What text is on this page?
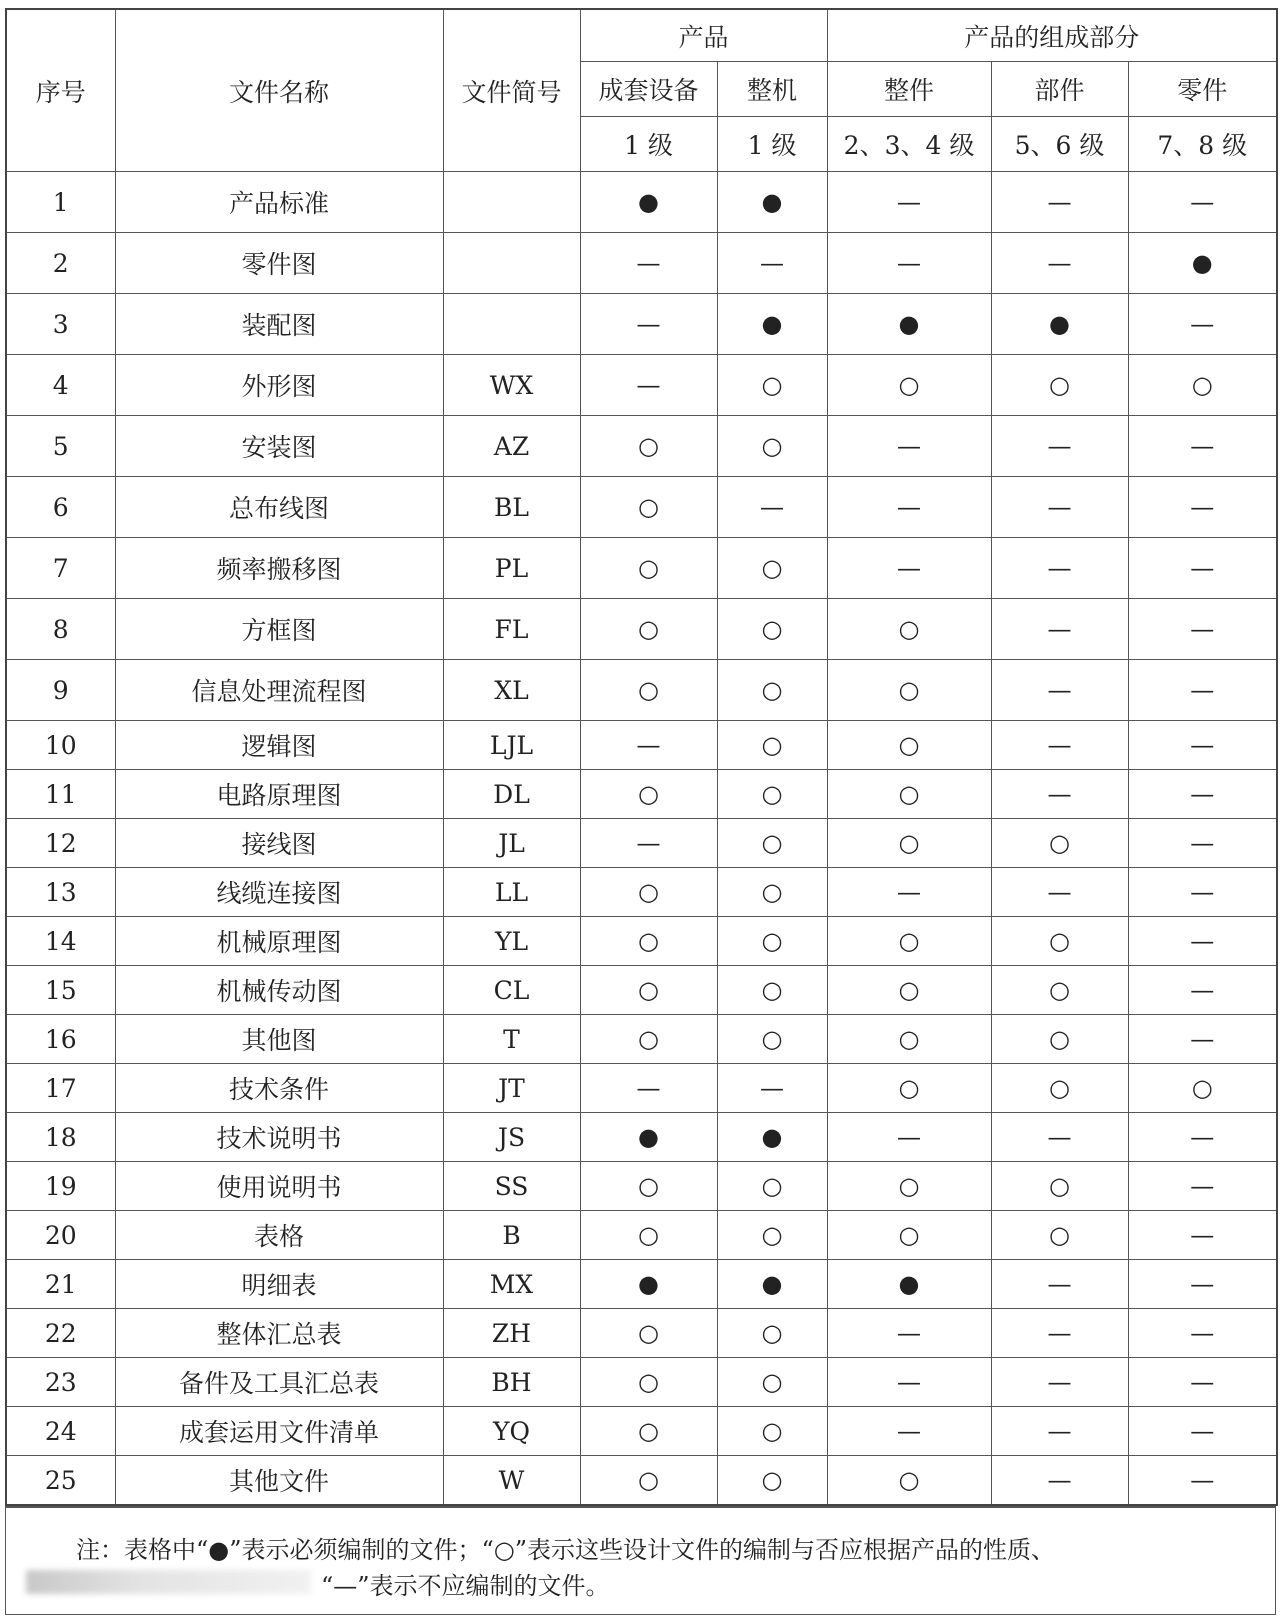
序号	文件名称	文件简号	产品		产品的组成部分		
			成套设备	整机	整件	部件	零件
			1 级	1 级	2、3、4 级	5、6 级	7、8 级
1	产品标准		●	●	—	—	—
2	零件图		—	—	—	—	●
3	装配图		—	●	●	●	—
4	外形图	WX	—	○	○	○	○
5	安装图	AZ	○	○	—	—	—
6	总布线图	BL	○	—	—	—	—
7	频率搬移图	PL	○	○	—	—	—
8	方框图	FL	○	○	○	—	—
9	信息处理流程图	XL	○	○	○	—	—
10	逻辑图	LJL	—	○	○	—	—
11	电路原理图	DL	○	○	○	—	—
12	接线图	JL	—	○	○	○	—
13	线缆连接图	LL	○	○	—	—	—
14	机械原理图	YL	○	○	○	○	—
15	机械传动图	CL	○	○	○	○	—
16	其他图	T	○	○	○	○	—
17	技术条件	JT	—	—	○	○	○
18	技术说明书	JS	●	●	—	—	—
19	使用说明书	SS	○	○	○	○	—
20	表格	B	○	○	○	○	—
21	明细表	MX	●	●	●	—	—
22	整体汇总表	ZH	○	○	—	—	—
23	备件及工具汇总表	BH	○	○	—	—	—
24	成套运用文件清单	YQ	○	○	—	—	—
25	其他文件	W	○	○	○	—	—
注：表格中“●”表示必须编制的文件；“○”表示这些设计文件的编制与否应根据产品的性质、
“—”表示不应编制的文件。
